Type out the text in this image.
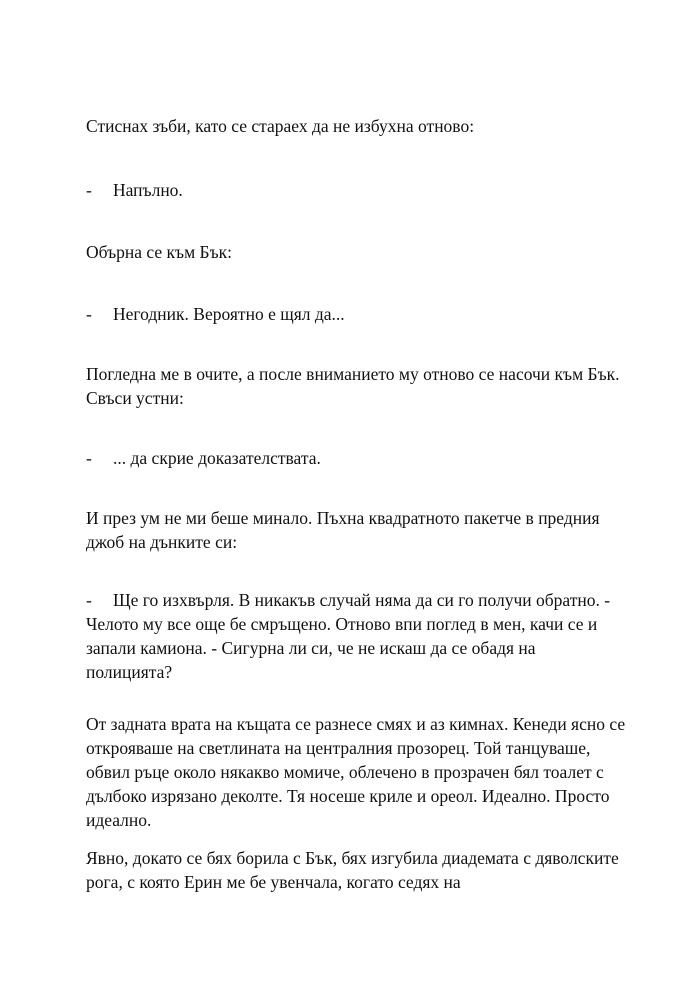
Стиснах зъби, като се стараех да не избухна отново:

- Напълно.

Обърна се към Бък:

- Негодник. Вероятно е щял да...

Погледна ме в очите, а после вниманието му отново се насочи към Бък. Свъси устни:

- ... да скрие доказателствата.

И през ум не ми беше минало. Пъхна квадратното пакетче в предния джоб на дънките си:

- Ще го изхвърля. В никакъв случай няма да си го получи обратно. - Челото му все още бе смръщено. Отново впи поглед в мен, качи се и запали камиона. - Сигурна ли си, че не искаш да се обадя на полицията?

От задната врата на къщата се разнесе смях и аз кимнах. Кенеди ясно се открояваше на светлината на централния прозорец. Той танцуваше, обвил ръце около някакво момиче, облечено в прозрачен бял тоалет с дълбоко изрязано деколте. Тя носеше криле и ореол. Идеално. Просто идеално.

Явно, докато се бях борила с Бък, бях изгубила диадемата с дяволските рога, с която Ерин ме бе увенчала, когато седях на
